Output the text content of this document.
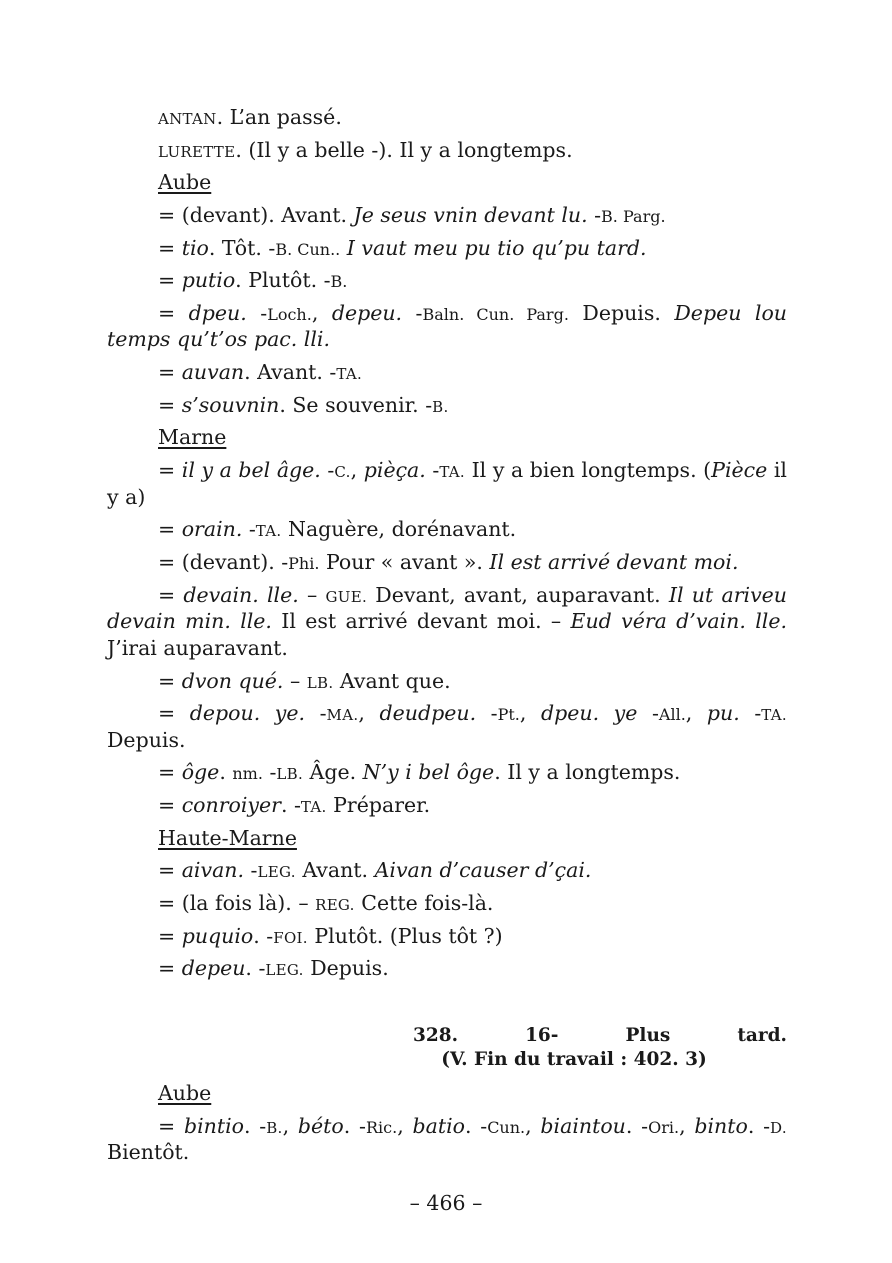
ANTAN. L’an passé.

LURETTE. (Il y a belle -). Il y a longtemps.

Aube

= (devant). Avant. Je seus vnin devant lu. -B. Parg.

= tio. Tôt. -B. Cun.. I vaut meu pu tio qu’pu tard.

= putio. Plutôt. -B.

= dpeu. -Loch., depeu. -Baln. Cun. Parg. Depuis. Depeu lou temps qu’t’os pac. lli.

= auvan. Avant. -TA.

= s’souvnin. Se souvenir. -B.

Marne

= il y a bel âge. -C., pièça. -TA. Il y a bien longtemps. (Pièce il y a)

= orain. -TA. Naguère, dorénavant.

= (devant). -Phi. Pour « avant ». Il est arrivé devant moi.

= devain. lle. – GUE. Devant, avant, auparavant. Il ut ariveu devain min. lle. Il est arrivé devant moi. – Eud véra d’vain. lle. J’irai auparavant.

= dvon qué. – LB. Avant que.

= depou. ye. -MA., deudpeu. -Pt., dpeu. ye -All., pu. -TA. Depuis.

= ôge. nm. -LB. Âge. N’y i bel ôge. Il y a longtemps.

= conroiyer. -TA. Préparer.

Haute-Marne

= aivan. -LEG. Avant. Aivan d’causer d’çai.

= (la fois là). – REG. Cette fois-là.

= puquio. -FOI. Plutôt. (Plus tôt ?)

= depeu. -LEG. Depuis.

328.	16-	Plus	tard.
(V. Fin du travail : 402. 3)

Aube

= bintio. -B., béto. -Ric., batio. -Cun., biaintou. -Ori., binto. -D. Bientôt.

– 466 –
